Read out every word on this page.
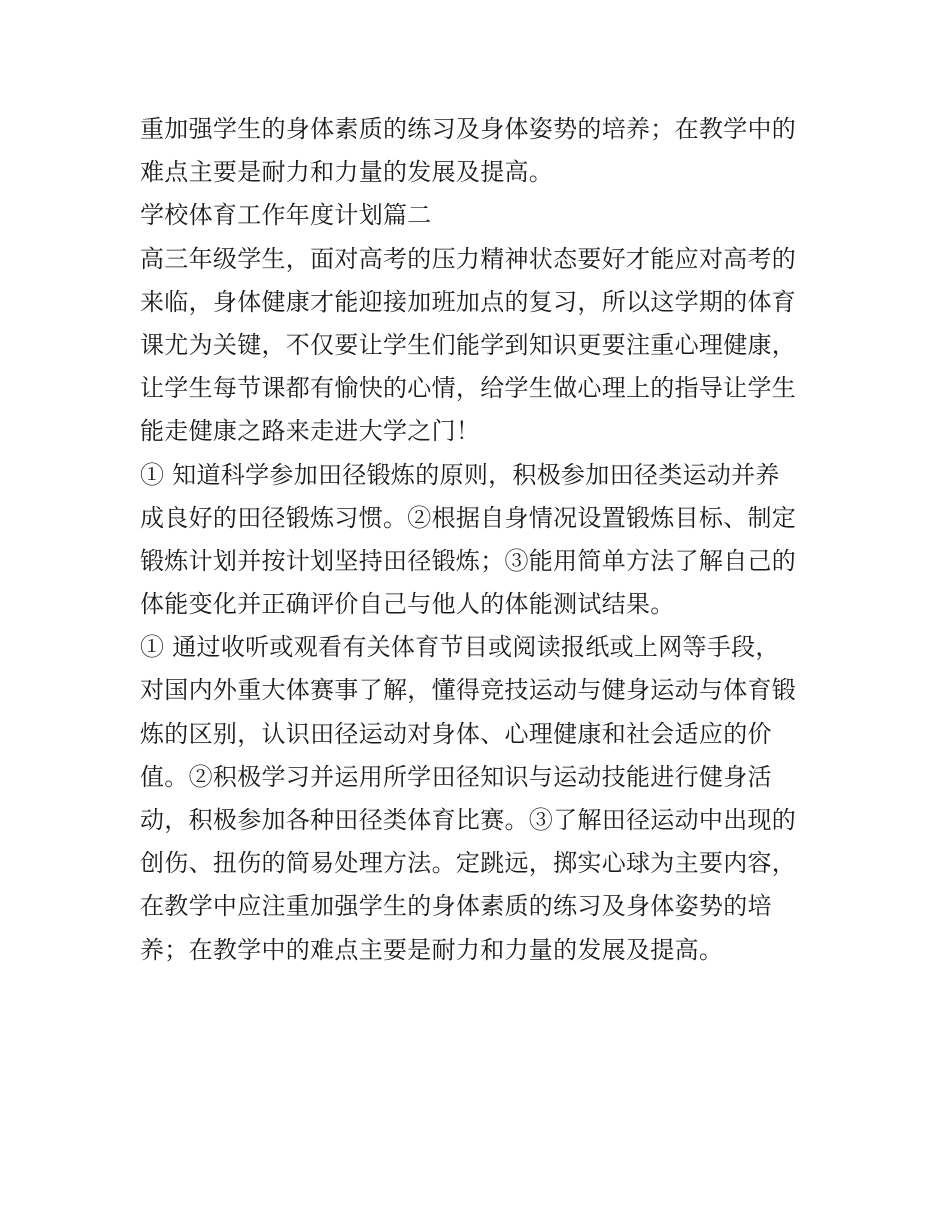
重加强学生的身体素质的练习及身体姿势的培养；在教学中的
难点主要是耐力和力量的发展及提高。
学校体育工作年度计划篇二
高三年级学生，面对高考的压力精神状态要好才能应对高考的
来临，身体健康才能迎接加班加点的复习，所以这学期的体育
课尤为关键，不仅要让学生们能学到知识更要注重心理健康，
让学生每节课都有愉快的心情，给学生做心理上的指导让学生
能走健康之路来走进大学之门！
① 知道科学参加田径锻炼的原则，积极参加田径类运动并养
成良好的田径锻炼习惯。②根据自身情况设置锻炼目标、制定
锻炼计划并按计划坚持田径锻炼；③能用简单方法了解自己的
体能变化并正确评价自己与他人的体能测试结果。
① 通过收听或观看有关体育节目或阅读报纸或上网等手段，
对国内外重大体赛事了解，懂得竞技运动与健身运动与体育锻
炼的区别，认识田径运动对身体、心理健康和社会适应的价
值。②积极学习并运用所学田径知识与运动技能进行健身活
动，积极参加各种田径类体育比赛。③了解田径运动中出现的
创伤、扭伤的简易处理方法。定跳远，掷实心球为主要内容，
在教学中应注重加强学生的身体素质的练习及身体姿势的培
养；在教学中的难点主要是耐力和力量的发展及提高。
